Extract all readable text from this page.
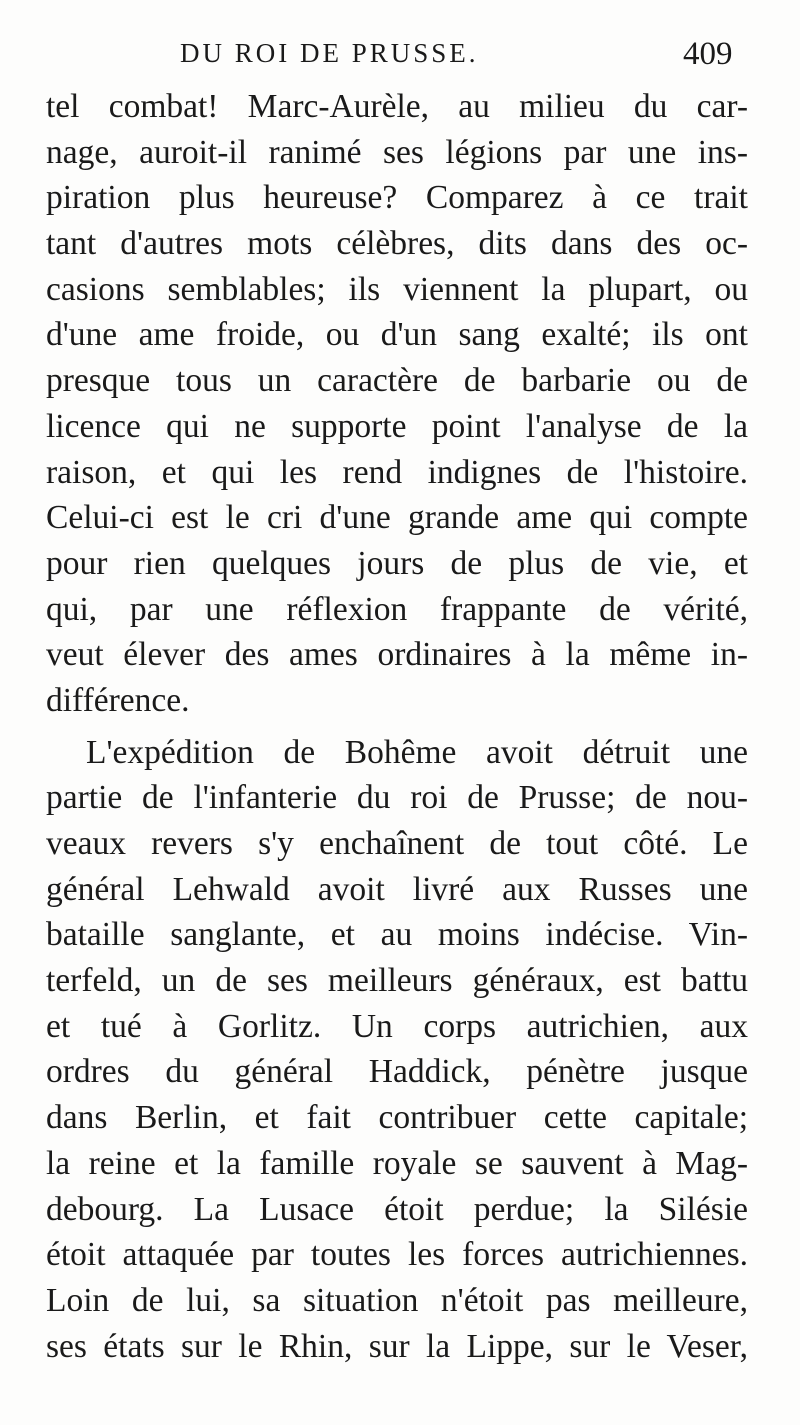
DU ROI DE PRUSSE.	409
tel combat! Marc-Aurèle, au milieu du car-
nage, auroit-il ranimé ses légions par une ins-
piration plus heureuse? Comparez à ce trait
tant d'autres mots célèbres, dits dans des oc-
casions semblables; ils viennent la plupart, ou
d'une ame froide, ou d'un sang exalté; ils ont
presque tous un caractère de barbarie ou de
licence qui ne supporte point l'analyse de la
raison, et qui les rend indignes de l'histoire.
Celui-ci est le cri d'une grande ame qui compte
pour rien quelques jours de plus de vie, et
qui, par une réflexion frappante de vérité,
veut élever des ames ordinaires à la même in-
différence.
L'expédition de Bohême avoit détruit une
partie de l'infanterie du roi de Prusse; de nou-
veaux revers s'y enchaînent de tout côté. Le
général Lehwald avoit livré aux Russes une
bataille sanglante, et au moins indécise. Vin-
terfeld, un de ses meilleurs généraux, est battu
et tué à Gorlitz. Un corps autrichien, aux
ordres du général Haddick, pénètre jusque
dans Berlin, et fait contribuer cette capitale;
la reine et la famille royale se sauvent à Mag-
debourg. La Lusace étoit perdue; la Silésie
étoit attaquée par toutes les forces autrichiennes.
Loin de lui, sa situation n'étoit pas meilleure,
ses états sur le Rhin, sur la Lippe, sur le Veser,
